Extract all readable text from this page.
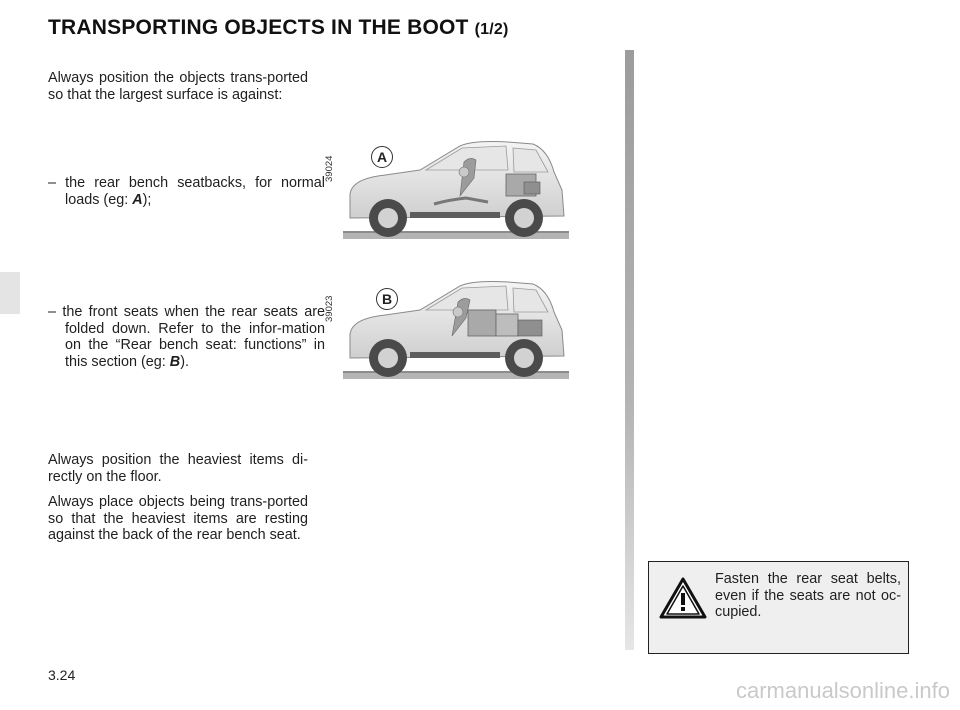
TRANSPORTING OBJECTS IN THE BOOT (1/2)
Always position the objects trans-ported so that the largest surface is against:
– the rear bench seatbacks, for normal loads (eg: A);
– the front seats when the rear seats are folded down. Refer to the infor-mation on the “Rear bench seat: functions” in this section (eg: B).
Always position the heaviest items di-rectly on the floor.
Always place objects being trans-ported so that the heaviest items are resting against the back of the rear bench seat.
39024	A
39023	B
Fasten the rear seat belts, even if the seats are not oc-cupied.
3.24
carmanualsonline.info
